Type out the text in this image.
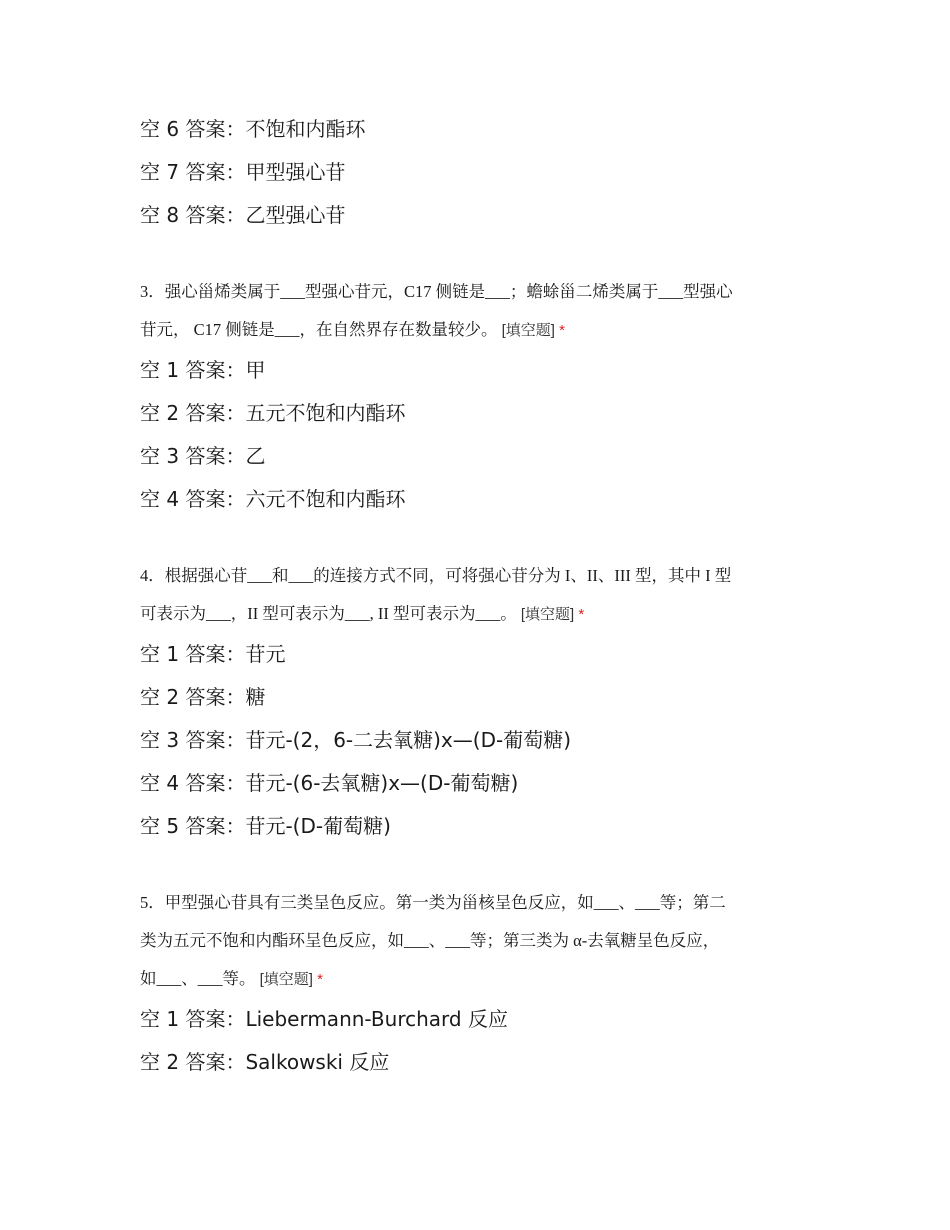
空 6 答案：不饱和内酯环
空 7 答案：甲型强心苷
空 8 答案：乙型强心苷
3．强心甾烯类属于___型强心苷元，C17 侧链是___；蟾蜍甾二烯类属于___型强心
苷元， C17 侧链是___，在自然界存在数量较少。 [填空题] *
空 1 答案：甲
空 2 答案：五元不饱和内酯环
空 3 答案：乙
空 4 答案：六元不饱和内酯环
4．根据强心苷___和___的连接方式不同，可将强心苷分为 I、II、III 型，其中 I 型
可表示为___，II 型可表示为___, II 型可表示为___。 [填空题] *
空 1 答案：苷元
空 2 答案：糖
空 3 答案：苷元-(2，6-二去氧糖)x—(D-葡萄糖)
空 4 答案：苷元-(6-去氧糖)x—(D-葡萄糖)
空 5 答案：苷元-(D-葡萄糖)
5．甲型强心苷具有三类呈色反应。第一类为甾核呈色反应，如___、___等；第二
类为五元不饱和内酯环呈色反应，如___、___等；第三类为 α-去氧糖呈色反应，
如___、___等。 [填空题] *
空 1 答案：Liebermann-Burchard 反应
空 2 答案：Salkowski 反应
